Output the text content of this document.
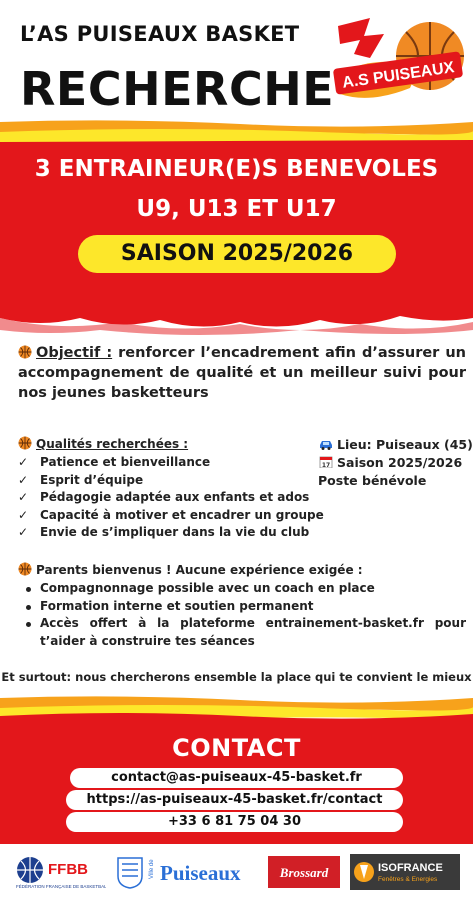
L’AS PUISEAUX BASKET
RECHERCHE A.S PUISEAUX
3 ENTRAINEUR(E)S BENEVOLES
U9, U13 ET U17
SAISON 2025/2026
Objectif : renforcer l’encadrement afin d’assurer un accompagnement de qualité et un meilleur suivi pour nos jeunes basketteurs
Qualités recherchées :
✓ Patience et bienveillance
✓ Esprit d’équipe
✓ Pédagogie adaptée aux enfants et ados
✓ Capacité à motiver et encadrer un groupe
✓ Envie de s’impliquer dans la vie du club
Lieu: Puiseaux (45)
17 Saison 2025/2026
Poste bénévole
Parents bienvenus ! Aucune expérience exigée :
Compagnonnage possible avec un coach en place
Formation interne et soutien permanent
Accès offert à la plateforme entrainement-basket.fr pour t’aider à construire tes séances
Et surtout: nous chercherons ensemble la place qui te convient le mieux
CONTACT
contact@as-puiseaux-45-basket.fr
https://as-puiseaux-45-basket.fr/contact
+33 6 81 75 04 30
FFBB
FÉDÉRATION FRANÇAISE DE BASKETBALL
Ville de Puiseaux	Brossard	ISOFRANCE
Fenêtres & Energies
